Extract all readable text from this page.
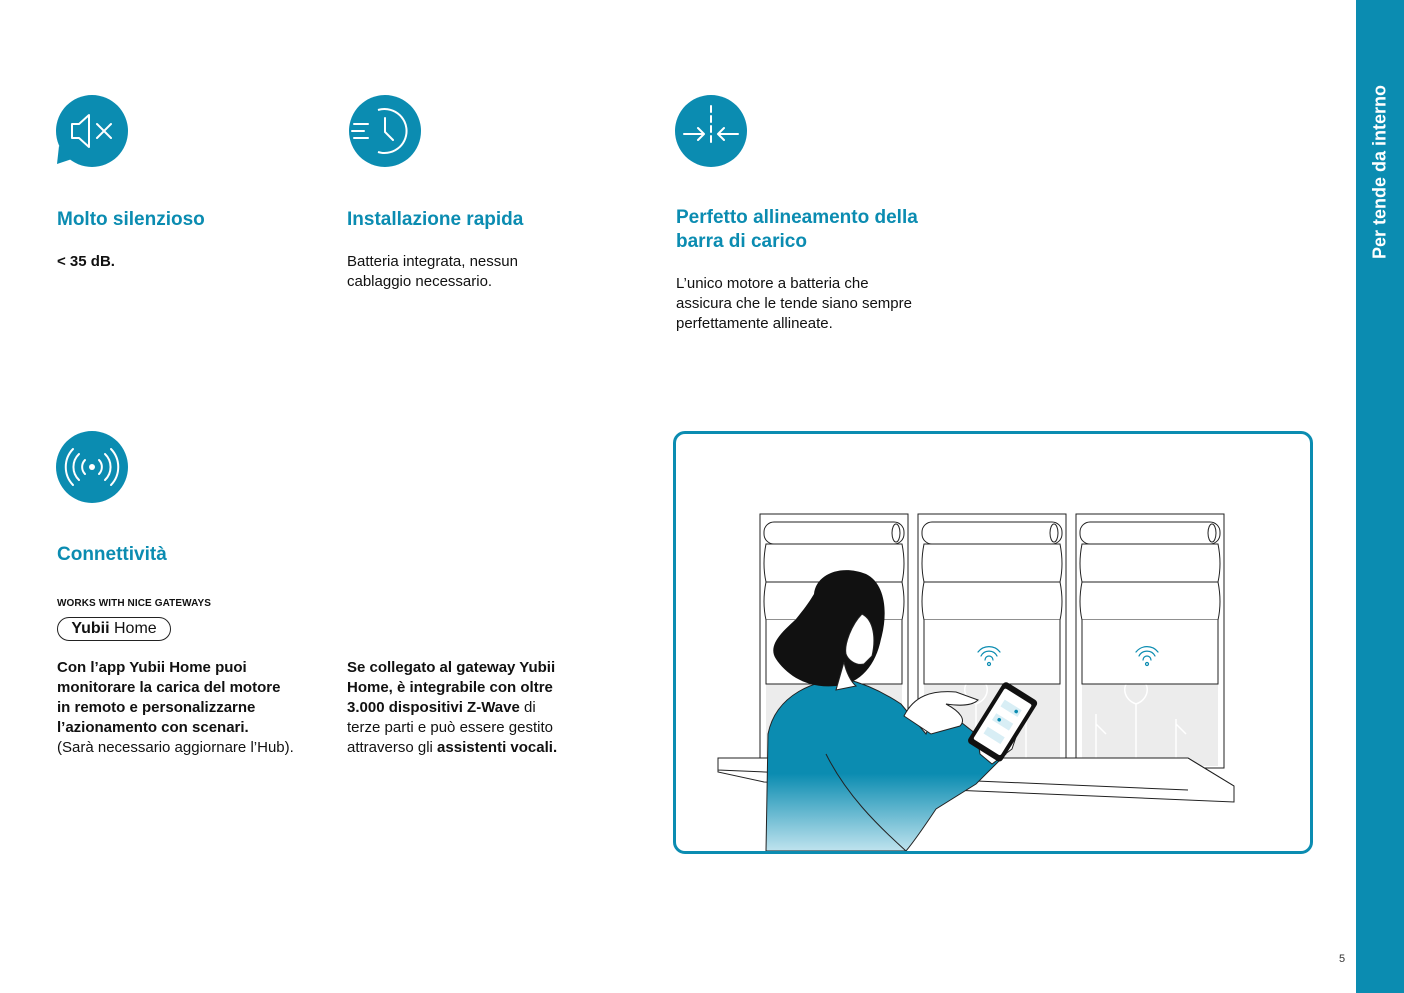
Per tende da interno
5
Molto silenzioso
< 35 dB.
Installazione rapida
Batteria integrata, nessun
cablaggio necessario.
Perfetto allineamento della
barra di carico
L’unico motore a batteria che
assicura che le tende siano sempre
perfettamente allineate.
Connettività
WORKS WITH NICE GATEWAYS
Yubii Home
Con l’app Yubii Home puoi
monitorare la carica del motore
in remoto e personalizzarne
l’azionamento con scenari.
(Sarà necessario aggiornare l’Hub).
Se collegato al gateway Yubii
Home, è integrabile con oltre
3.000 dispositivi Z-Wave di
terze parti e può essere gestito
attraverso gli assistenti vocali.
